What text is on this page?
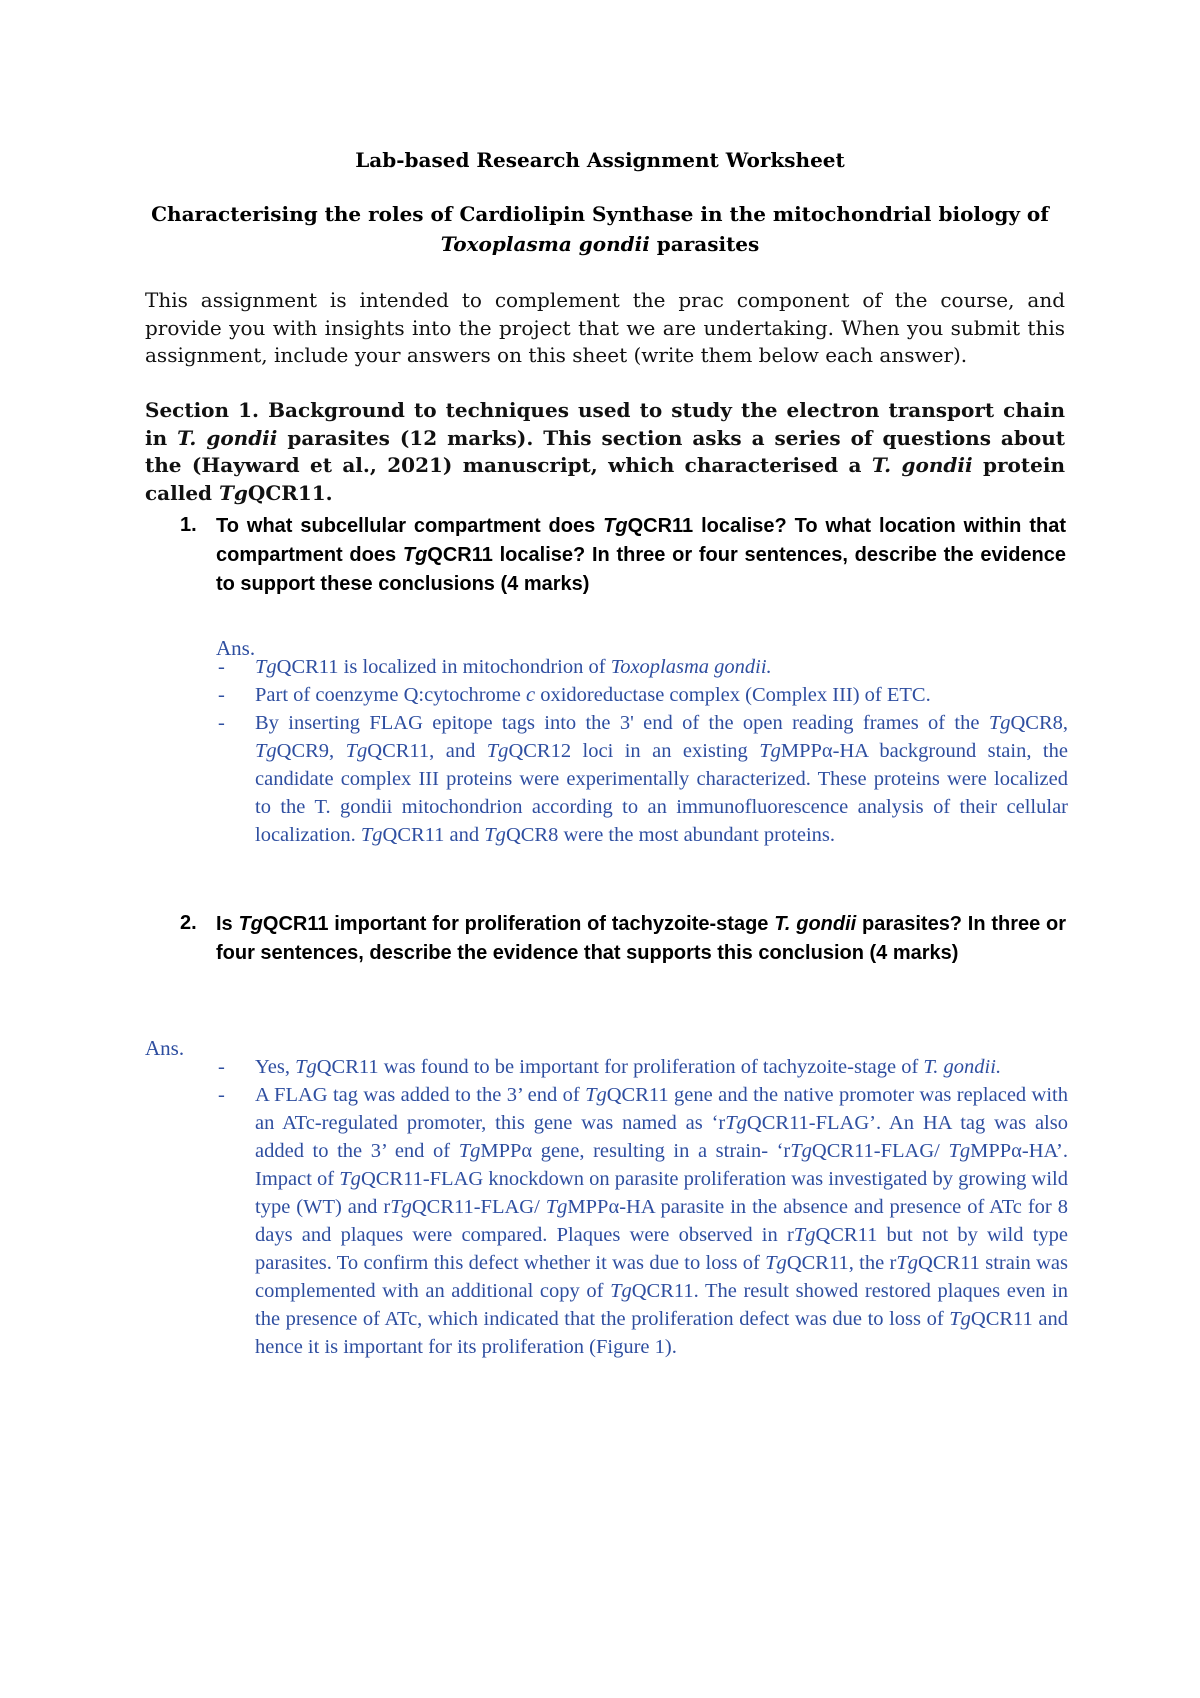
Lab-based Research Assignment Worksheet
Characterising the roles of Cardiolipin Synthase in the mitochondrial biology of
Toxoplasma gondii parasites
This assignment is intended to complement the prac component of the course, and provide you with insights into the project that we are undertaking. When you submit this assignment, include your answers on this sheet (write them below each answer).
Section 1. Background to techniques used to study the electron transport chain in T. gondii parasites (12 marks). This section asks a series of questions about the (Hayward et al., 2021) manuscript, which characterised a T. gondii protein called TgQCR11.
1. To what subcellular compartment does TgQCR11 localise? To what location within that compartment does TgQCR11 localise? In three or four sentences, describe the evidence to support these conclusions (4 marks)
Ans.
- TgQCR11 is localized in mitochondrion of Toxoplasma gondii.
- Part of coenzyme Q:cytochrome c oxidoreductase complex (Complex III) of ETC.
- By inserting FLAG epitope tags into the 3' end of the open reading frames of the TgQCR8, TgQCR9, TgQCR11, and TgQCR12 loci in an existing TgMPPα-HA background stain, the candidate complex III proteins were experimentally characterized. These proteins were localized to the T. gondii mitochondrion according to an immunofluorescence analysis of their cellular localization. TgQCR11 and TgQCR8 were the most abundant proteins.
2. Is TgQCR11 important for proliferation of tachyzoite-stage T. gondii parasites? In three or four sentences, describe the evidence that supports this conclusion (4 marks)
Ans.
- Yes, TgQCR11 was found to be important for proliferation of tachyzoite-stage of T. gondii.
- A FLAG tag was added to the 3’ end of TgQCR11 gene and the native promoter was replaced with an ATc-regulated promoter, this gene was named as ‘rTgQCR11-FLAG’. An HA tag was also added to the 3’ end of TgMPPα gene, resulting in a strain- ‘rTgQCR11-FLAG/ TgMPPα-HA’. Impact of TgQCR11-FLAG knockdown on parasite proliferation was investigated by growing wild type (WT) and rTgQCR11-FLAG/ TgMPPα-HA parasite in the absence and presence of ATc for 8 days and plaques were compared. Plaques were observed in rTgQCR11 but not by wild type parasites. To confirm this defect whether it was due to loss of TgQCR11, the rTgQCR11 strain was complemented with an additional copy of TgQCR11. The result showed restored plaques even in the presence of ATc, which indicated that the proliferation defect was due to loss of TgQCR11 and hence it is important for its proliferation (Figure 1).
